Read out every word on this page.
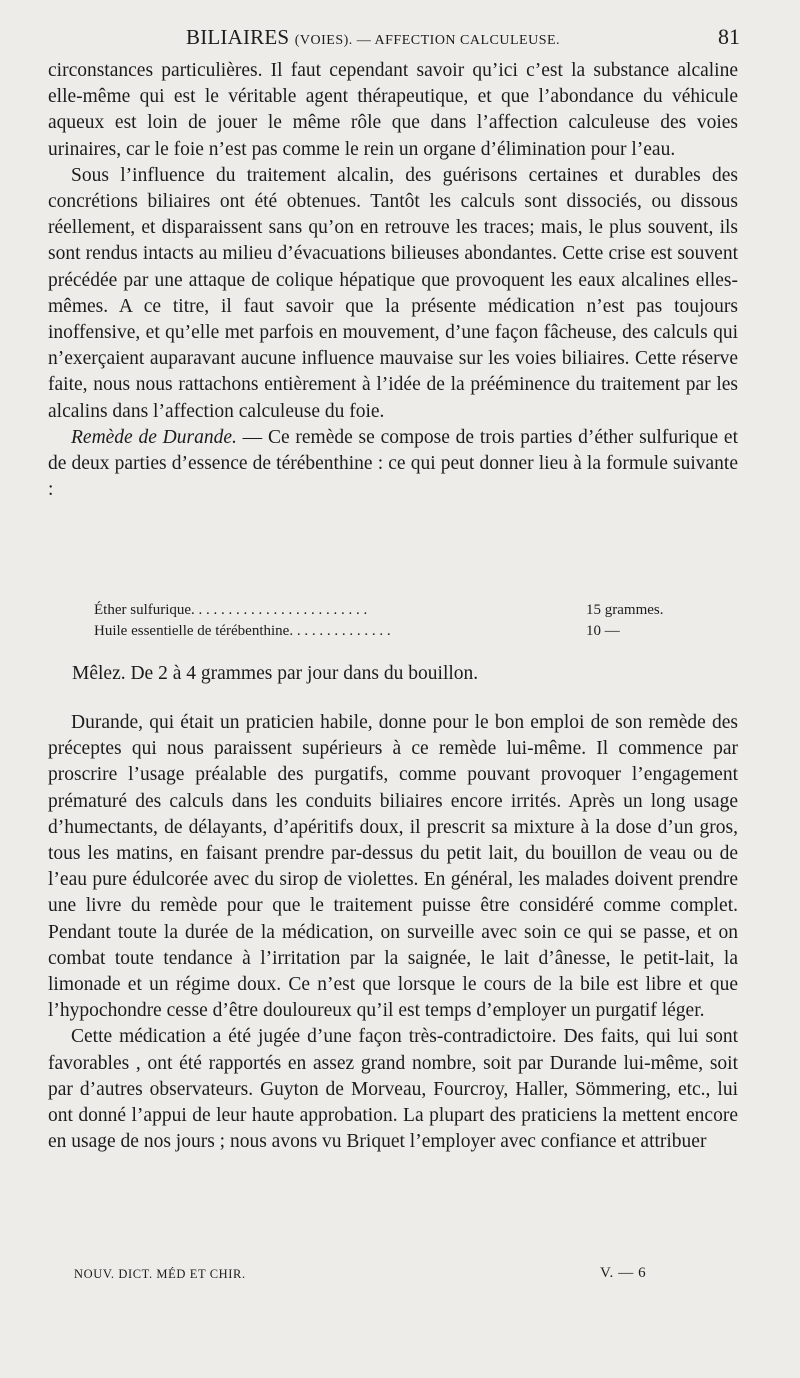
BILIAIRES (VOIES). — AFFECTION CALCULEUSE.	81

circonstances particulières. Il faut cependant savoir qu’ici c’est la substance alcaline elle-même qui est le véritable agent thérapeutique, et que l’abondance du véhicule aqueux est loin de jouer le même rôle que dans l’affection calculeuse des voies urinaires, car le foie n’est pas comme le rein un organe d’élimination pour l’eau.

Sous l’influence du traitement alcalin, des guérisons certaines et durables des concrétions biliaires ont été obtenues. Tantôt les calculs sont dissociés, ou dissous réellement, et disparaissent sans qu’on en retrouve les traces; mais, le plus souvent, ils sont rendus intacts au milieu d’évacuations bilieuses abondantes. Cette crise est souvent précédée par une attaque de colique hépatique que provoquent les eaux alcalines elles-mêmes. A ce titre, il faut savoir que la présente médication n’est pas toujours inoffensive, et qu’elle met parfois en mouvement, d’une façon fâcheuse, des calculs qui n’exerçaient auparavant aucune influence mauvaise sur les voies biliaires. Cette réserve faite, nous nous rattachons entièrement à l’idée de la prééminence du traitement par les alcalins dans l’affection calculeuse du foie.

Remède de Durande. — Ce remède se compose de trois parties d’éther sulfurique et de deux parties d’essence de térébenthine : ce qui peut donner lieu à la formule suivante :

Éther sulfurique. . . . . . . . . . . . . . . . . . . . . . . .	15 grammes.
Huile essentielle de térébenthine. . . . . . . . . . . . . .	10 —
Mêlez. De 2 à 4 grammes par jour dans du bouillon.

Durande, qui était un praticien habile, donne pour le bon emploi de son remède des préceptes qui nous paraissent supérieurs à ce remède lui-même. Il commence par proscrire l’usage préalable des purgatifs, comme pouvant provoquer l’engagement prématuré des calculs dans les conduits biliaires encore irrités. Après un long usage d’humectants, de délayants, d’apéritifs doux, il prescrit sa mixture à la dose d’un gros, tous les matins, en faisant prendre par-dessus du petit lait, du bouillon de veau ou de l’eau pure édulcorée avec du sirop de violettes. En général, les malades doivent prendre une livre du remède pour que le traitement puisse être considéré comme complet. Pendant toute la durée de la médication, on surveille avec soin ce qui se passe, et on combat toute tendance à l’irritation par la saignée, le lait d’ânesse, le petit-lait, la limonade et un régime doux. Ce n’est que lorsque le cours de la bile est libre et que l’hypochondre cesse d’être douloureux qu’il est temps d’employer un purgatif léger.

Cette médication a été jugée d’une façon très-contradictoire. Des faits, qui lui sont favorables , ont été rapportés en assez grand nombre, soit par Durande lui-même, soit par d’autres observateurs. Guyton de Morveau, Fourcroy, Haller, Sömmering, etc., lui ont donné l’appui de leur haute approbation. La plupart des praticiens la mettent encore en usage de nos jours ; nous avons vu Briquet l’employer avec confiance et attribuer

NOUV. DICT. MÉD ET CHIR.	V. — 6
